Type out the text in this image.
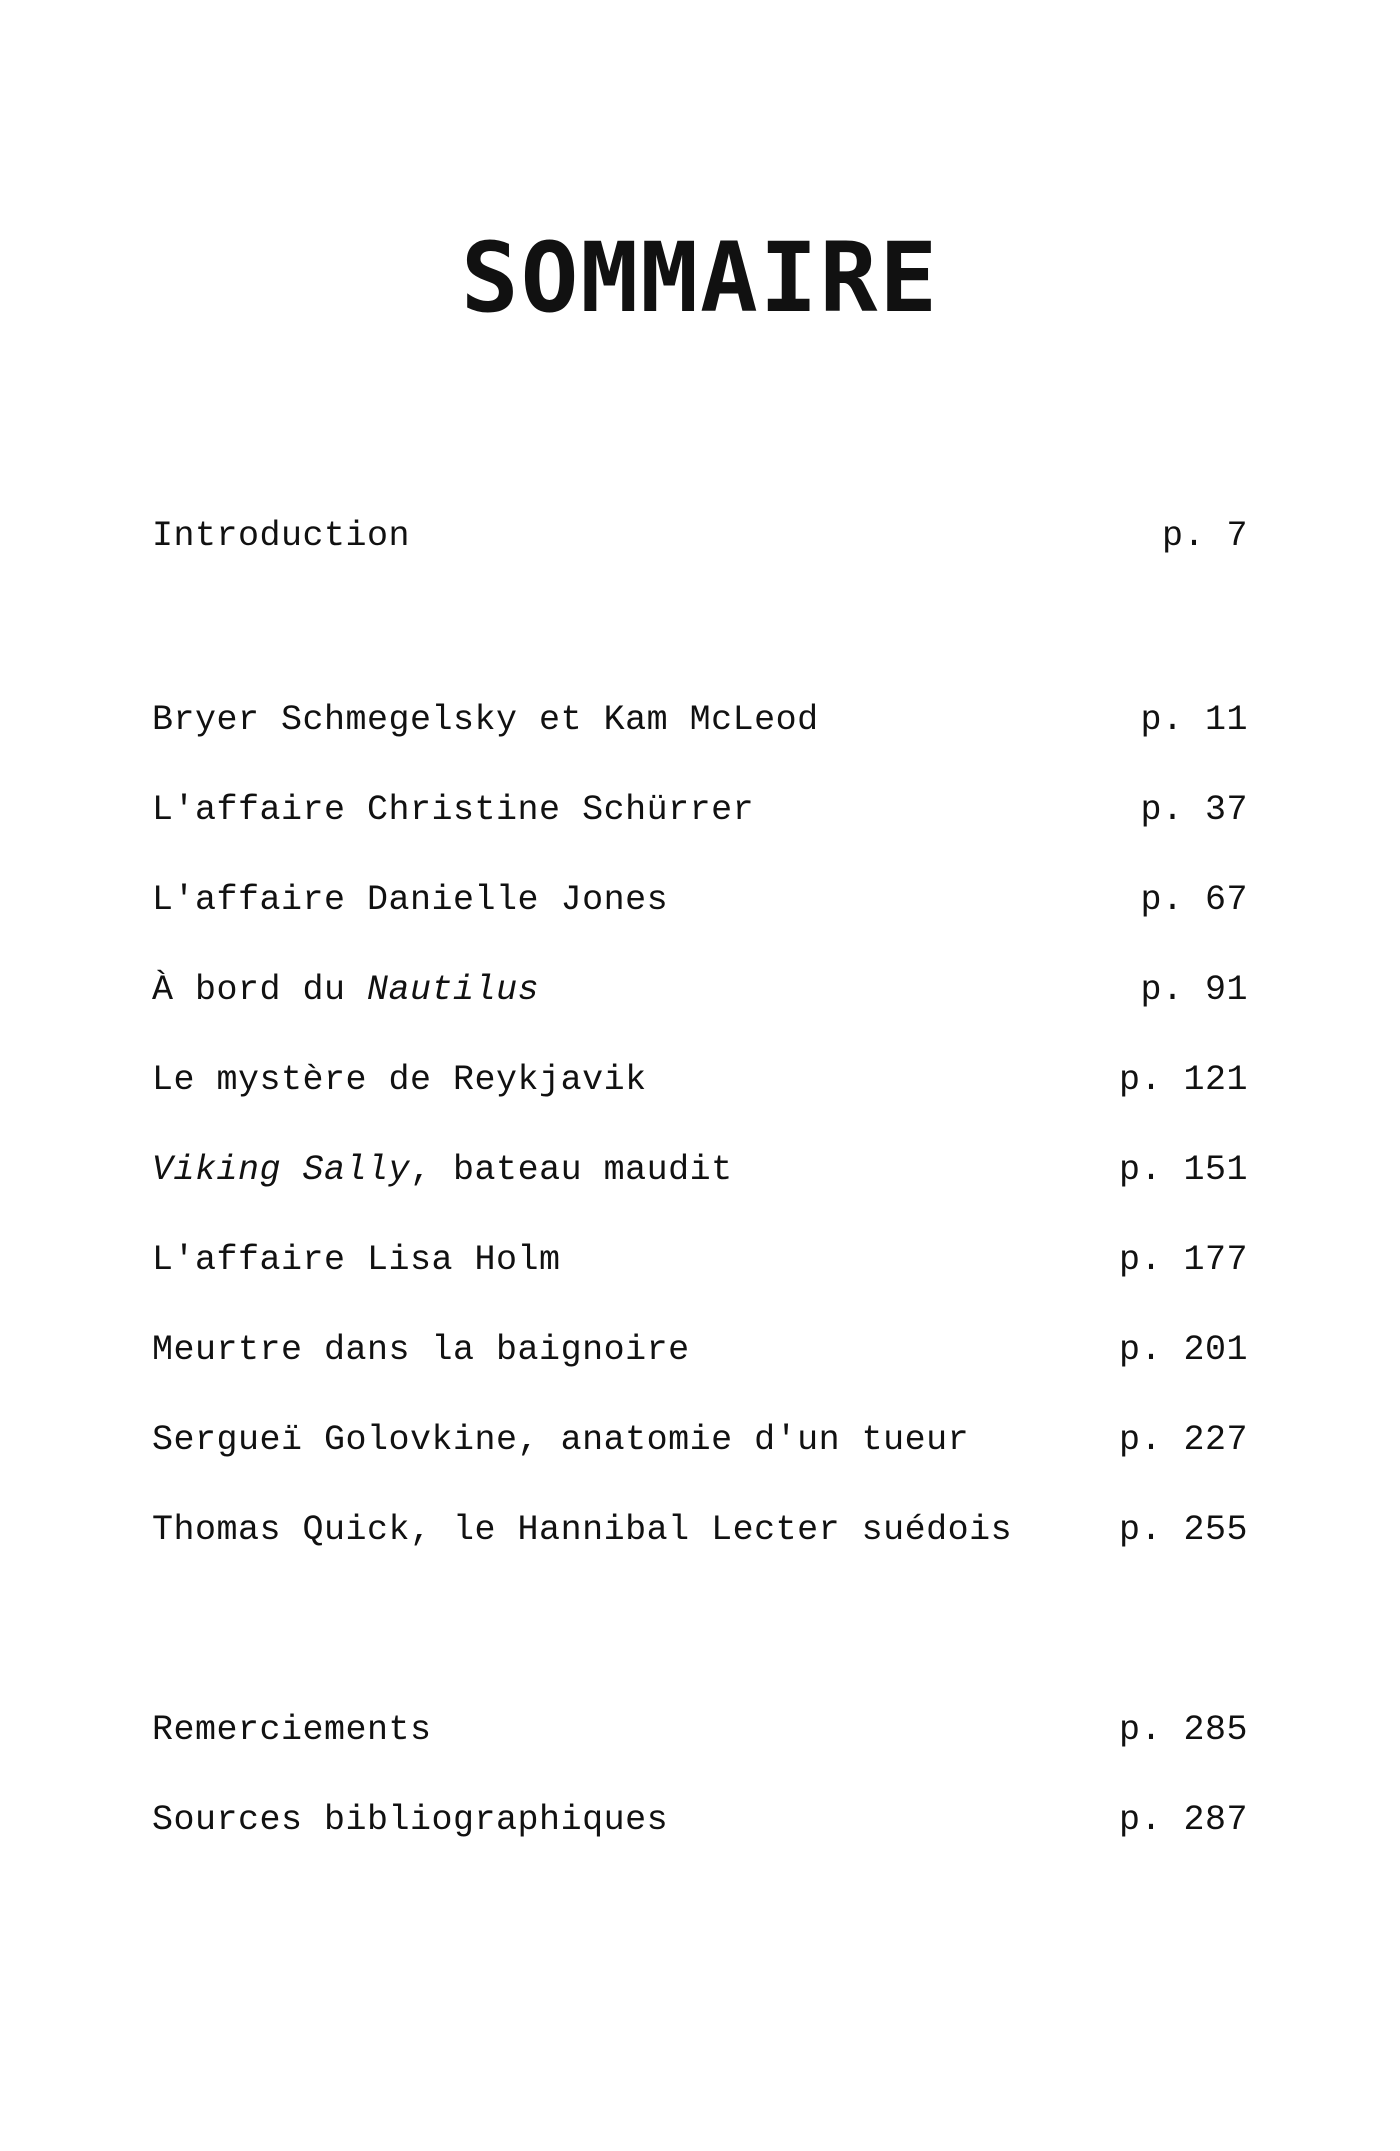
SOMMAIRE
Introduction	p. 7
Bryer Schmegelsky et Kam McLeod	p. 11
L'affaire Christine Schürrer	p. 37
L'affaire Danielle Jones	p. 67
À bord du Nautilus	p. 91
Le mystère de Reykjavik	p. 121
Viking Sally, bateau maudit	p. 151
L'affaire Lisa Holm	p. 177
Meurtre dans la baignoire	p. 201
Sergueï Golovkine, anatomie d'un tueur	p. 227
Thomas Quick, le Hannibal Lecter suédois	p. 255
Remerciements	p. 285
Sources bibliographiques	p. 287
